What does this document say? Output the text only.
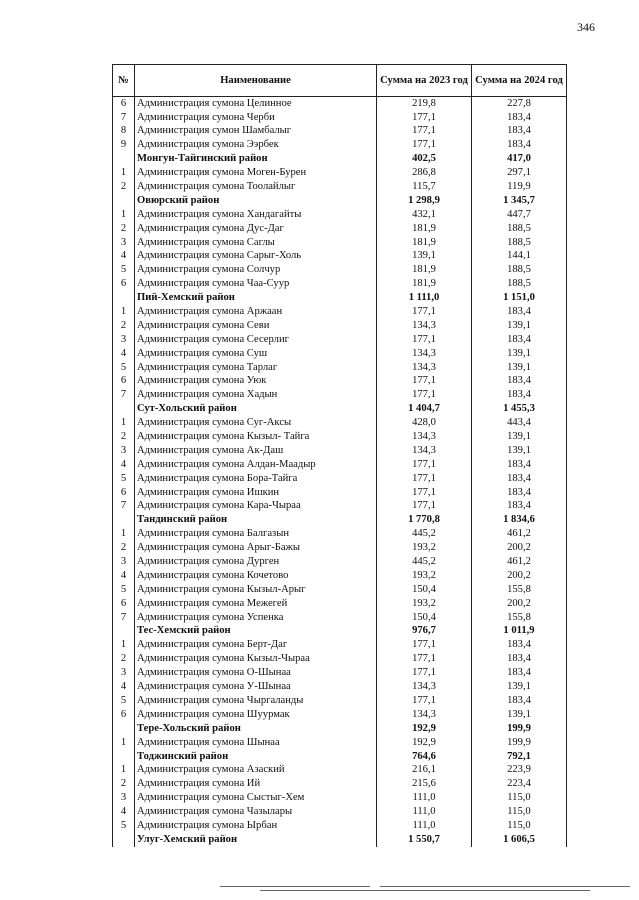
346
№	Наименование	Сумма на 2023 год	Сумма на 2024 год
6	Администрация сумона Целинное	219,8	227,8
7	Администрация сумона Черби	177,1	183,4
8	Администрация сумон Шамбалыг	177,1	183,4
9	Администрация сумона Ээрбек	177,1	183,4
	Монгун-Тайгинский район	402,5	417,0
1	Администрация сумона Моген-Бурен	286,8	297,1
2	Администрация сумона Тоолайлыг	115,7	119,9
	Овюрский район	1 298,9	1 345,7
1	Администрация сумона Хандагайты	432,1	447,7
2	Администрация сумона Дус-Даг	181,9	188,5
3	Администрация сумона Саглы	181,9	188,5
4	Администрация сумона Сарыг-Холь	139,1	144,1
5	Администрация сумона Солчур	181,9	188,5
6	Администрация сумона Чаа-Суур	181,9	188,5
	Пий-Хемский район	1 111,0	1 151,0
1	Администрация сумона Аржаан	177,1	183,4
2	Администрация сумона Севи	134,3	139,1
3	Администрация сумона Сесерлиг	177,1	183,4
4	Администрация сумона Суш	134,3	139,1
5	Администрация сумона Тарлаг	134,3	139,1
6	Администрация сумона Уюк	177,1	183,4
7	Администрация сумона Хадын	177,1	183,4
	Сут-Хольский район	1 404,7	1 455,3
1	Администрация сумона Суг-Аксы	428,0	443,4
2	Администрация сумона Кызыл- Тайга	134,3	139,1
3	Администрация сумона Ак-Даш	134,3	139,1
4	Администрация сумона Алдан-Маадыр	177,1	183,4
5	Администрация сумона Бора-Тайга	177,1	183,4
6	Администрация сумона Ишкин	177,1	183,4
7	Администрация сумона Кара-Чыраа	177,1	183,4
	Тандинский район	1 770,8	1 834,6
1	Администрация сумона Балгазын	445,2	461,2
2	Администрация сумона Арыг-Бажы	193,2	200,2
3	Администрация сумона Дурген	445,2	461,2
4	Администрация сумона Кочетово	193,2	200,2
5	Администрация сумона Кызыл-Арыг	150,4	155,8
6	Администрация сумона Межегей	193,2	200,2
7	Администрация сумона Успенка	150,4	155,8
	Тес-Хемский район	976,7	1 011,9
1	Администрация сумона Берт-Даг	177,1	183,4
2	Администрация сумона Кызыл-Чыраа	177,1	183,4
3	Администрация сумона О-Шынаа	177,1	183,4
4	Администрация сумона У-Шынаа	134,3	139,1
5	Администрация сумона Чыргаланды	177,1	183,4
6	Администрация сумона Шуурмак	134,3	139,1
	Тере-Хольский район	192,9	199,9
1	Администрация сумона Шынаа	192,9	199,9
	Тоджинский район	764,6	792,1
1	Администрация сумона Азаский	216,1	223,9
2	Администрация сумона Ий	215,6	223,4
3	Администрация сумона Сыстыг-Хем	111,0	115,0
4	Администрация сумона Чазылары	111,0	115,0
5	Администрация сумона Ырбан	111,0	115,0
	Улуг-Хемский район	1 550,7	1 606,5
